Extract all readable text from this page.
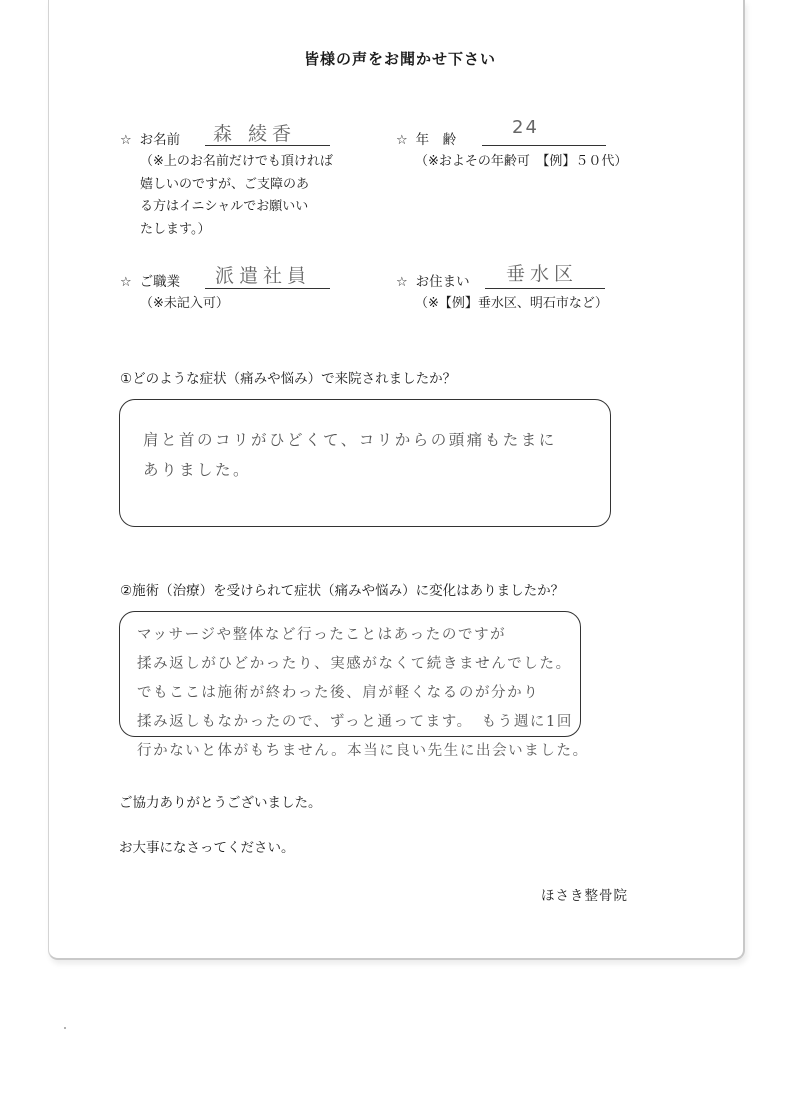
皆様の声をお聞かせ下さい
☆ お名前 森 綾香
（※上のお名前だけでも頂ければ
嬉しいのですが、ご支障のあ
る方はイニシャルでお願いい
たします。）
☆ 年　齢
24
（※およその年齢可　【例】５０代）
☆ ご職業 派遣社員
（※未記入可）
☆ お住まい 垂水区
（※【例】垂水区、明石市など）
①どのような症状（痛みや悩み）で来院されましたか？
肩と首のコリがひどくて、コリからの頭痛もたまに
ありました。
②施術（治療）を受けられて症状（痛みや悩み）に変化はありましたか？
マッサージや整体など行ったことはあったのですが
揉み返しがひどかったり、実感がなくて続きませんでした。
でもここは施術が終わった後、肩が軽くなるのが分かり
揉み返しもなかったので、ずっと通ってます。　もう週に1回
行かないと体がもちません。本当に良い先生に出会いました。
ご協力ありがとうございました。
お大事になさってください。
ほさき整骨院
